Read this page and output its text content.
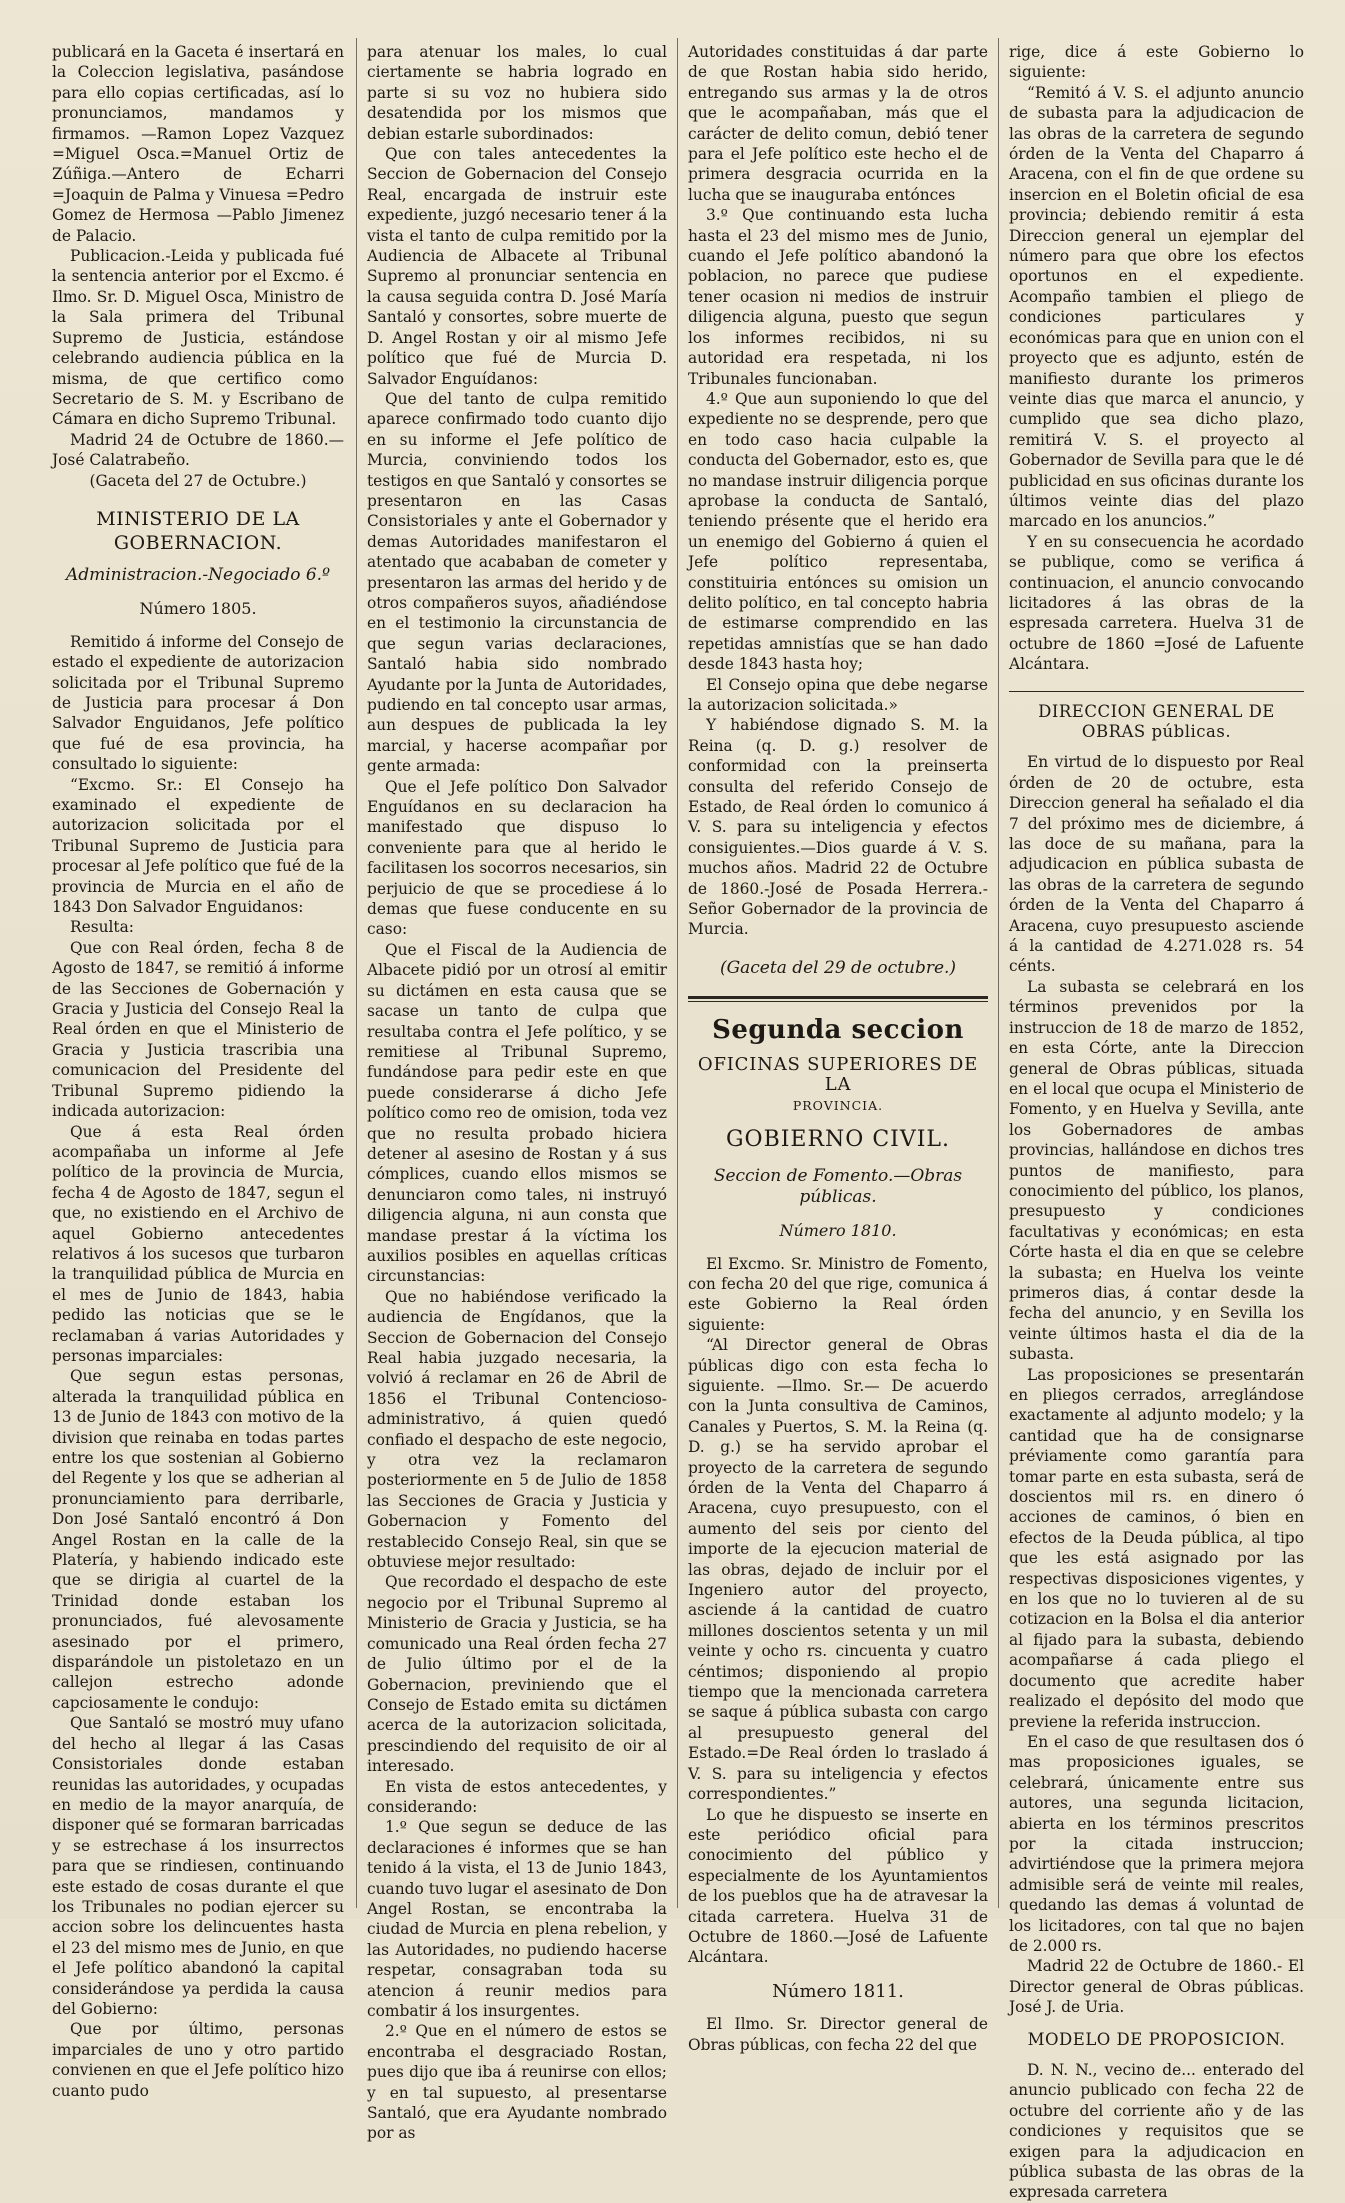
publicará en la Gaceta é insertará en la Coleccion legislativa, pasándose para ello copias certificadas, así lo pronunciamos, mandamos y firmamos. —Ramon Lopez Vazquez =Miguel Osca.=Manuel Ortiz de Zúñiga.—Antero de Echarri =Joaquin de Palma y Vinuesa =Pedro Gomez de Hermosa —Pablo Jimenez de Palacio.

Publicacion.-Leida y publicada fué la sentencia anterior por el Excmo. é Ilmo. Sr. D. Miguel Osca, Ministro de la Sala primera del Tribunal Supremo de Justicia, estándose celebrando audiencia pública en la misma, de que certifico como Secretario de S. M. y Escribano de Cámara en dicho Supremo Tribunal.

Madrid 24 de Octubre de 1860.—José Calatrabeño.

(Gaceta del 27 de Octubre.)

MINISTERIO DE LA GOBERNACION.

Administracion.-Negociado 6.º

Número 1805.

Remitido á informe del Consejo de estado el expediente de autorizacion solicitada por el Tribunal Supremo de Justicia para procesar á Don Salvador Enguidanos, Jefe político que fué de esa provincia, ha consultado lo siguiente:

“Excmo. Sr.: El Consejo ha examinado el expediente de autorizacion solicitada por el Tribunal Supremo de Justicia para procesar al Jefe político que fué de la provincia de Murcia en el año de 1843 Don Salvador Enguidanos:

Resulta:

Que con Real órden, fecha 8 de Agosto de 1847, se remitió á informe de las Secciones de Gobernación y Gracia y Justicia del Consejo Real la Real órden en que el Ministerio de Gracia y Justicia trascribia una comunicacion del Presidente del Tribunal Supremo pidiendo la indicada autorizacion:

Que á esta Real órden acompañaba un informe al Jefe político de la provincia de Murcia, fecha 4 de Agosto de 1847, segun el que, no existiendo en el Archivo de aquel Gobierno antecedentes relativos á los sucesos que turbaron la tranquilidad pública de Murcia en el mes de Junio de 1843, habia pedido las noticias que se le reclamaban á varias Autoridades y personas imparciales:

Que segun estas personas, alterada la tranquilidad pública en 13 de Junio de 1843 con motivo de la division que reinaba en todas partes entre los que sostenian al Gobierno del Regente y los que se adherian al pronunciamiento para derribarle, Don José Santaló encontró á Don Angel Rostan en la calle de la Platería, y habiendo indicado este que se dirigia al cuartel de la Trinidad donde estaban los pronunciados, fué alevosamente asesinado por el primero, disparándole un pistoletazo en un callejon estrecho adonde capciosamente le condujo:

Que Santaló se mostró muy ufano del hecho al llegar á las Casas Consistoriales donde estaban reunidas las autoridades, y ocupadas en medio de la mayor anarquía, de disponer qué se formaran barricadas y se estrechase á los insurrectos para que se rindiesen, continuando este estado de cosas durante el que los Tribunales no podian ejercer su accion sobre los delincuentes hasta el 23 del mismo mes de Junio, en que el Jefe político abandonó la capital considerándose ya perdida la causa del Gobierno:

Que por último, personas imparciales de uno y otro partido convienen en que el Jefe político hizo cuanto pudo

para atenuar los males, lo cual ciertamente se habria logrado en parte si su voz no hubiera sido desatendida por los mismos que debian estarle subordinados:

Que con tales antecedentes la Seccion de Gobernacion del Consejo Real, encargada de instruir este expediente, juzgó necesario tener á la vista el tanto de culpa remitido por la Audiencia de Albacete al Tribunal Supremo al pronunciar sentencia en la causa seguida contra D. José María Santaló y consortes, sobre muerte de D. Angel Rostan y oir al mismo Jefe político que fué de Murcia D. Salvador Enguídanos:

Que del tanto de culpa remitido aparece confirmado todo cuanto dijo en su informe el Jefe político de Murcia, conviniendo todos los testigos en que Santaló y consortes se presentaron en las Casas Consistoriales y ante el Gobernador y demas Autoridades manifestaron el atentado que acababan de cometer y presentaron las armas del herido y de otros compañeros suyos, añadiéndose en el testimonio la circunstancia de que segun varias declaraciones, Santaló habia sido nombrado Ayudante por la Junta de Autoridades, pudiendo en tal concepto usar armas, aun despues de publicada la ley marcial, y hacerse acompañar por gente armada:

Que el Jefe político Don Salvador Enguídanos en su declaracion ha manifestado que dispuso lo conveniente para que al herido le facilitasen los socorros necesarios, sin perjuicio de que se procediese á lo demas que fuese conducente en su caso:

Que el Fiscal de la Audiencia de Albacete pidió por un otrosí al emitir su dictámen en esta causa que se sacase un tanto de culpa que resultaba contra el Jefe político, y se remitiese al Tribunal Supremo, fundándose para pedir este en que puede considerarse á dicho Jefe político como reo de omision, toda vez que no resulta probado hiciera detener al asesino de Rostan y á sus cómplices, cuando ellos mismos se denunciaron como tales, ni instruyó diligencia alguna, ni aun consta que mandase prestar á la víctima los auxilios posibles en aquellas críticas circunstancias:

Que no habiéndose verificado la audiencia de Engídanos, que la Seccion de Gobernacion del Consejo Real habia juzgado necesaria, la volvió á reclamar en 26 de Abril de 1856 el Tribunal Contencioso-administrativo, á quien quedó confiado el despacho de este negocio, y otra vez la reclamaron posteriormente en 5 de Julio de 1858 las Secciones de Gracia y Justicia y Gobernacion y Fomento del restablecido Consejo Real, sin que se obtuviese mejor resultado:

Que recordado el despacho de este negocio por el Tribunal Supremo al Ministerio de Gracia y Justicia, se ha comunicado una Real órden fecha 27 de Julio último por el de la Gobernacion, previniendo que el Consejo de Estado emita su dictámen acerca de la autorizacion solicitada, prescindiendo del requisito de oir al interesado.

En vista de estos antecedentes, y considerando:

1.º Que segun se deduce de las declaraciones é informes que se han tenido á la vista, el 13 de Junio 1843, cuando tuvo lugar el asesinato de Don Angel Rostan, se encontraba la ciudad de Murcia en plena rebelion, y las Autoridades, no pudiendo hacerse respetar, consagraban toda su atencion á reunir medios para combatir á los insurgentes.

2.º Que en el número de estos se encontraba el desgraciado Rostan, pues dijo que iba á reunirse con ellos; y en tal supuesto, al presentarse Santaló, que era Ayudante nombrado por as

Autoridades constituidas á dar parte de que Rostan habia sido herido, entregando sus armas y la de otros que le acompañaban, más que el carácter de delito comun, debió tener para el Jefe político este hecho el de primera desgracia ocurrida en la lucha que se inauguraba entónces

3.º Que continuando esta lucha hasta el 23 del mismo mes de Junio, cuando el Jefe político abandonó la poblacion, no parece que pudiese tener ocasion ni medios de instruir diligencia alguna, puesto que segun los informes recibidos, ni su autoridad era respetada, ni los Tribunales funcionaban.

4.º Que aun suponiendo lo que del expediente no se desprende, pero que en todo caso hacia culpable la conducta del Gobernador, esto es, que no mandase instruir diligencia porque aprobase la conducta de Santaló, teniendo présente que el herido era un enemigo del Gobierno á quien el Jefe político representaba, constituiria entónces su omision un delito político, en tal concepto habria de estimarse comprendido en las repetidas amnistías que se han dado desde 1843 hasta hoy;

El Consejo opina que debe negarse la autorizacion solicitada.»

Y habiéndose dignado S. M. la Reina (q. D. g.) resolver de conformidad con la preinserta consulta del referido Consejo de Estado, de Real órden lo comunico á V. S. para su inteligencia y efectos consiguientes.—Dios guarde á V. S. muchos años. Madrid 22 de Octubre de 1860.-José de Posada Herrera.-Señor Gobernador de la provincia de Murcia.

(Gaceta del 29 de octubre.)

Segunda seccion

OFICINAS SUPERIORES DE LA

PROVINCIA.

GOBIERNO CIVIL.

Seccion de Fomento.—Obras públicas.

Número 1810.

El Excmo. Sr. Ministro de Fomento, con fecha 20 del que rige, comunica á este Gobierno la Real órden siguiente:

“Al Director general de Obras públicas digo con esta fecha lo siguiente. —Ilmo. Sr.— De acuerdo con la Junta consultiva de Caminos, Canales y Puertos, S. M. la Reina (q. D. g.) se ha servido aprobar el proyecto de la carretera de segundo órden de la Venta del Chaparro á Aracena, cuyo presupuesto, con el aumento del seis por ciento del importe de la ejecucion material de las obras, dejado de incluir por el Ingeniero autor del proyecto, asciende á la cantidad de cuatro millones doscientos setenta y un mil veinte y ocho rs. cincuenta y cuatro céntimos; disponiendo al propio tiempo que la mencionada carretera se saque á pública subasta con cargo al presupuesto general del Estado.=De Real órden lo traslado á V. S. para su inteligencia y efectos correspondientes.”

Lo que he dispuesto se inserte en este periódico oficial para conocimiento del público y especialmente de los Ayuntamientos de los pueblos que ha de atravesar la citada carretera. Huelva 31 de Octubre de 1860.—José de Lafuente Alcántara.

Número 1811.

El Ilmo. Sr. Director general de Obras públicas, con fecha 22 del que

rige, dice á este Gobierno lo siguiente:

“Remitó á V. S. el adjunto anuncio de subasta para la adjudicacion de las obras de la carretera de segundo órden de la Venta del Chaparro á Aracena, con el fin de que ordene su insercion en el Boletin oficial de esa provincia; debiendo remitir á esta Direccion general un ejemplar del número para que obre los efectos oportunos en el expediente. Acompaño tambien el pliego de condiciones particulares y económicas para que en union con el proyecto que es adjunto, estén de manifiesto durante los primeros veinte dias que marca el anuncio, y cumplido que sea dicho plazo, remitirá V. S. el proyecto al Gobernador de Sevilla para que le dé publicidad en sus oficinas durante los últimos veinte dias del plazo marcado en los anuncios.”

Y en su consecuencia he acordado se publique, como se verifica á continuacion, el anuncio convocando licitadores á las obras de la espresada carretera. Huelva 31 de octubre de 1860 =José de Lafuente Alcántara.

DIRECCION GENERAL DE OBRAS públicas.

En virtud de lo dispuesto por Real órden de 20 de octubre, esta Direccion general ha señalado el dia 7 del próximo mes de diciembre, á las doce de su mañana, para la adjudicacion en pública subasta de las obras de la carretera de segundo órden de la Venta del Chaparro á Aracena, cuyo presupuesto asciende á la cantidad de 4.271.028 rs. 54 cénts.

La subasta se celebrará en los términos prevenidos por la instruccion de 18 de marzo de 1852, en esta Córte, ante la Direccion general de Obras públicas, situada en el local que ocupa el Ministerio de Fomento, y en Huelva y Sevilla, ante los Gobernadores de ambas provincias, hallándose en dichos tres puntos de manifiesto, para conocimiento del público, los planos, presupuesto y condiciones facultativas y económicas; en esta Córte hasta el dia en que se celebre la subasta; en Huelva los veinte primeros dias, á contar desde la fecha del anuncio, y en Sevilla los veinte últimos hasta el dia de la subasta.

Las proposiciones se presentarán en pliegos cerrados, arreglándose exactamente al adjunto modelo; y la cantidad que ha de consignarse préviamente como garantía para tomar parte en esta subasta, será de doscientos mil rs. en dinero ó acciones de caminos, ó bien en efectos de la Deuda pública, al tipo que les está asignado por las respectivas disposiciones vigentes, y en los que no lo tuvieren al de su cotizacion en la Bolsa el dia anterior al fijado para la subasta, debiendo acompañarse á cada pliego el documento que acredite haber realizado el depósito del modo que previene la referida instruccion.

En el caso de que resultasen dos ó mas proposiciones iguales, se celebrará, únicamente entre sus autores, una segunda licitacion, abierta en los términos prescritos por la citada instruccion; advirtiéndose que la primera mejora admisible será de veinte mil reales, quedando las demas á voluntad de los licitadores, con tal que no bajen de 2.000 rs.

Madrid 22 de Octubre de 1860.- El Director general de Obras públicas. José J. de Uria.

MODELO DE PROPOSICION.

D. N. N., vecino de... enterado del anuncio publicado con fecha 22 de octubre del corriente año y de las condiciones y requisitos que se exigen para la adjudicacion en pública subasta de las obras de la expresada carretera
